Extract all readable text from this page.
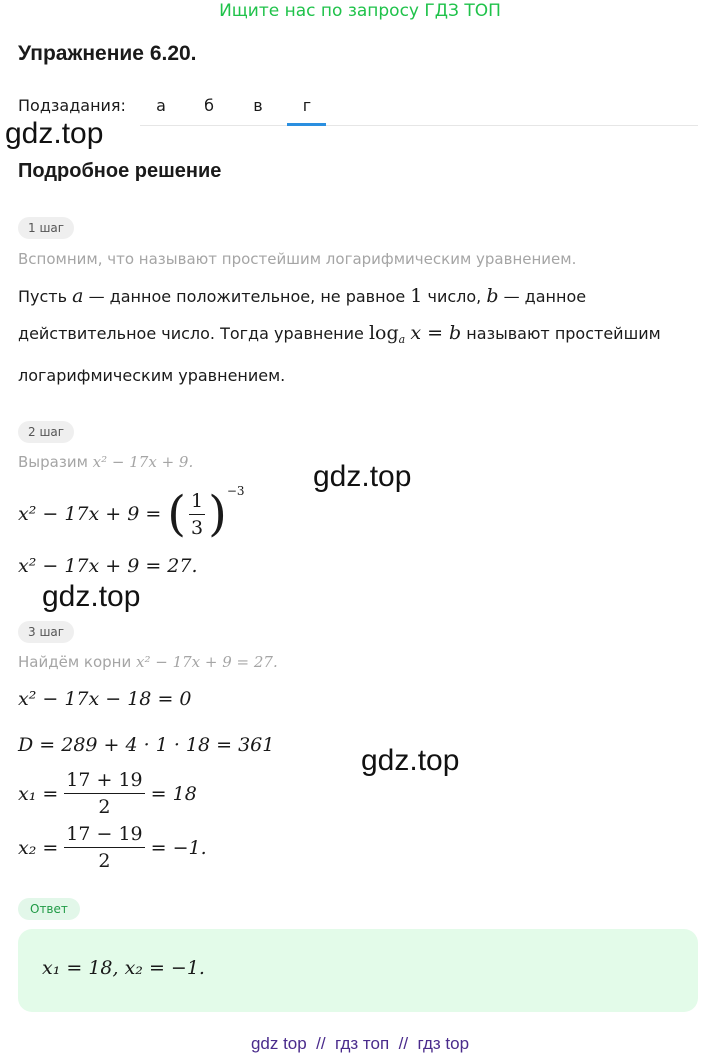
Ищите нас по запросу ГДЗ ТОП
Упражнение 6.20.
Подзадания:	а	б	в	г
gdz.top
gdz.top
gdz.top
gdz.top
Подробное решение
1 шаг
Вспомним, что называют простейшим логарифмическим уравнением.
Пусть a — данное положительное, не равное 1 число, b — данное
действительное число. Тогда уравнение $\log_a x = b$ называют простейшим
логарифмическим уравнением.
2 шаг
Выразим x² − 17x + 9.
x² − 17x + 9 = ( $\frac{1}{3}$ ) −3
x² − 17x + 9 = 27.
3 шаг
Найдём корни x² − 17x + 9 = 27.
x² − 17x − 18 = 0
D = 289 + 4 · 1 · 18 = 361
$x_1 = \frac{17 + 19}{2} = 18$
$x_2 = \frac{17 - 19}{2} = -1$.
Ответ
x₁ = 18, x₂ = −1.
gdz top  //  гдз топ  //  гдз top
